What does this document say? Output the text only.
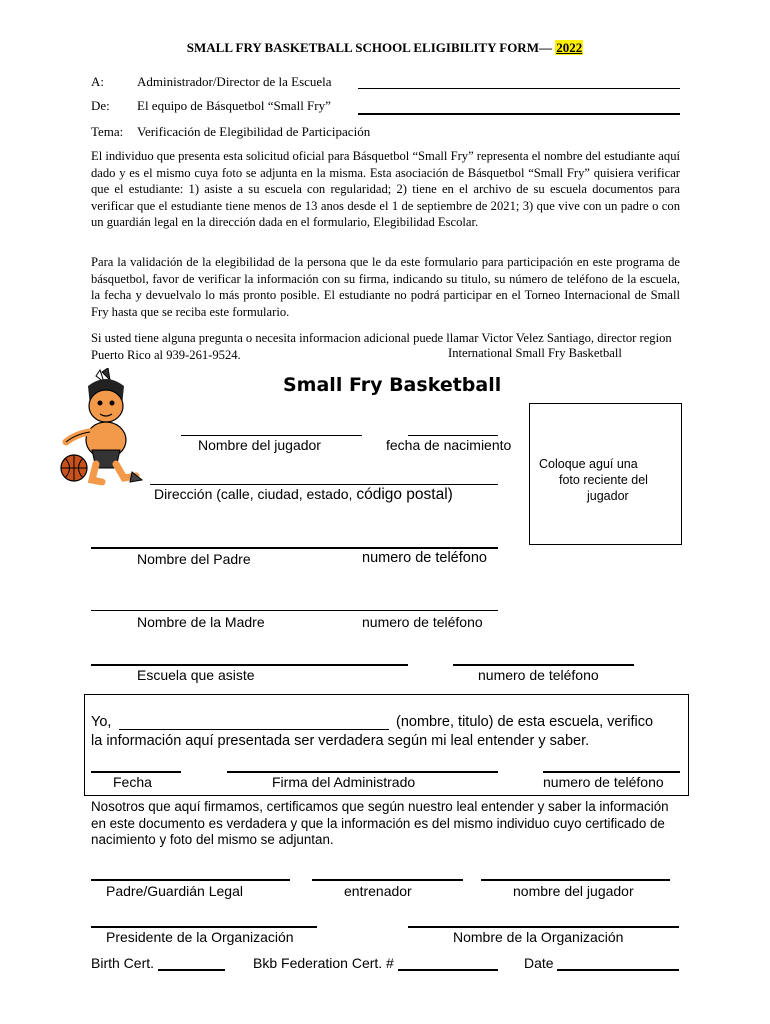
SMALL FRY BASKETBALL SCHOOL ELIGIBILITY FORM— 2022
A:	Administrador/Director de la Escuela
De: El equipo de Básquetbol “Small Fry”
Tema: Verificación de Elegibilidad de Participación
El individuo que presenta esta solicitud oficial para Básquetbol “Small Fry” representa el nombre del estudiante aquí dado y es el mismo cuya foto se adjunta en la misma. Esta asociación de Básquetbol “Small Fry” quisiera verificar que el estudiante: 1) asiste a su escuela con regularidad; 2) tiene en el archivo de su escuela documentos para verificar que el estudiante tiene menos de 13 anos desde el 1 de septiembre de 2021; 3) que vive con un padre o con un guardián legal en la dirección dada en el formulario, Elegibilidad Escolar.
Para la validación de la elegibilidad de la persona que le da este formulario para participación en este programa de básquetbol, favor de verificar la información con su firma, indicando su titulo, su número de teléfono de la escuela, la fecha y devuelvalo lo más pronto posible. El estudiante no podrá participar en el Torneo Internacional de Small Fry hasta que se reciba este formulario.
Si usted tiene alguna pregunta o necesita informacion adicional puede llamar Victor Velez Santiago, director region Puerto Rico al 939-261-9524.	International Small Fry Basketball
Small Fry Basketball
Coloque aguí una
foto reciente del
jugador
Nombre del jugador	fecha de nacimiento
Dirección (calle, ciudad, estado, código postal)
Nombre del Padre	numero de teléfono
Nombre de la Madre	numero de teléfono
Escuela que asiste	numero de teléfono
Yo,	(nombre, titulo) de esta escuela, verifico
la información aquí presentada ser verdadera según mi leal entender y saber.
Fecha	Firma del Administrado	numero de teléfono
Nosotros que aquí firmamos, certificamos que según nuestro leal entender y saber la información en este documento es verdadera y que la información es del mismo individuo cuyo certificado de nacimiento y foto del mismo se adjuntan.
Padre/Guardián Legal	entrenador	nombre del jugador
Presidente de la Organización	Nombre de la Organización
Birth Cert.	Bkb Federation Cert. #	Date
